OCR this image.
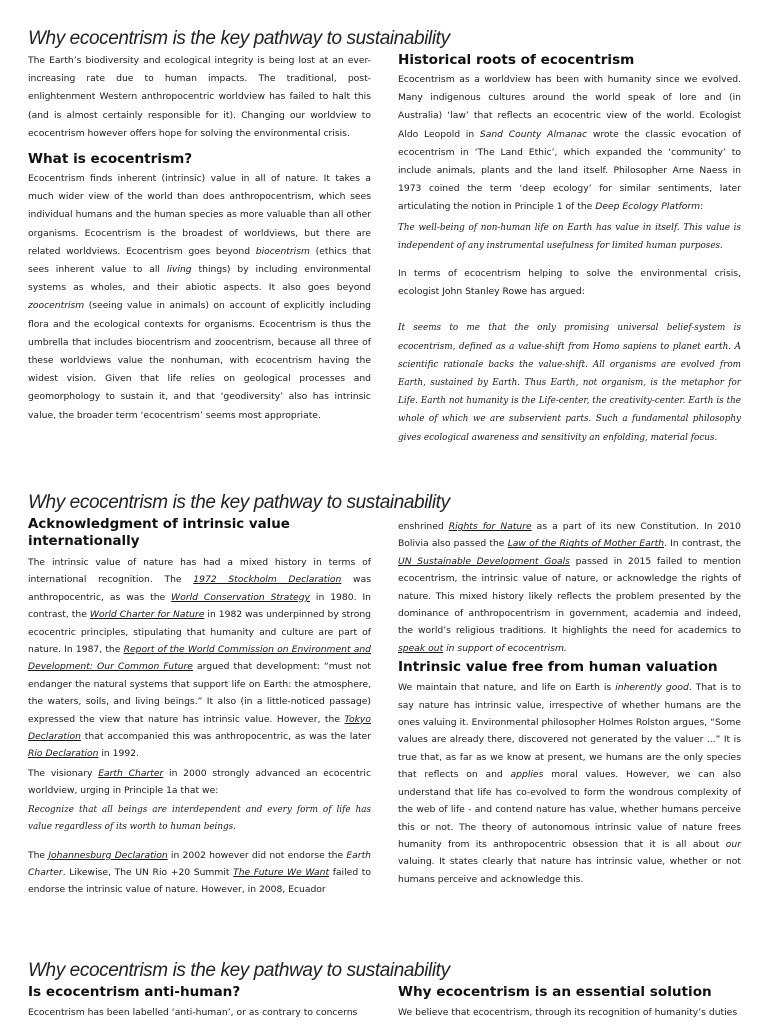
Why ecocentrism is the key pathway to sustainability

The Earth’s biodiversity and ecological integrity is being lost at an ever-increasing rate due to human impacts. The traditional, post-enlightenment Western anthropocentric worldview has failed to halt this (and is almost certainly responsible for it). Changing our worldview to ecocentrism however offers hope for solving the environmental crisis.

What is ecocentrism?

Ecocentrism finds inherent (intrinsic) value in all of nature. It takes a much wider view of the world than does anthropocentrism, which sees individual humans and the human species as more valuable than all other organisms. Ecocentrism is the broadest of worldviews, but there are related worldviews. Ecocentrism goes beyond biocentrism (ethics that sees inherent value to all living things) by including environmental systems as wholes, and their abiotic aspects. It also goes beyond zoocentrism (seeing value in animals) on account of explicitly including flora and the ecological contexts for organisms. Ecocentrism is thus the umbrella that includes biocentrism and zoocentrism, because all three of these worldviews value the nonhuman, with ecocentrism having the widest vision. Given that life relies on geological processes and geomorphology to sustain it, and that ‘geodiversity’ also has intrinsic value, the broader term ‘ecocentrism’ seems most appropriate.

Historical roots of ecocentrism

Ecocentrism as a worldview has been with humanity since we evolved. Many indigenous cultures around the world speak of lore and (in Australia) ‘law’ that reflects an ecocentric view of the world. Ecologist Aldo Leopold in Sand County Almanac wrote the classic evocation of ecocentrism in ‘The Land Ethic’, which expanded the ‘community’ to include animals, plants and the land itself. Philosopher Arne Naess in 1973 coined the term ‘deep ecology’ for similar sentiments, later articulating the notion in Principle 1 of the Deep Ecology Platform:

The well-being of non-human life on Earth has value in itself. This value is independent of any instrumental usefulness for limited human purposes.

In terms of ecocentrism helping to solve the environmental crisis, ecologist John Stanley Rowe has argued:

It seems to me that the only promising universal belief-system is ecocentrism, defined as a value-shift from Homo sapiens to planet earth. A scientific rationale backs the value-shift. All organisms are evolved from Earth, sustained by Earth. Thus Earth, not organism, is the metaphor for Life. Earth not humanity is the Life-center, the creativity-center. Earth is the whole of which we are subservient parts. Such a fundamental philosophy gives ecological awareness and sensitivity an enfolding, material focus.

Why ecocentrism is the key pathway to sustainability
Acknowledgment of intrinsic value internationally

The intrinsic value of nature has had a mixed history in terms of international recognition. The 1972 Stockholm Declaration was anthropocentric, as was the World Conservation Strategy in 1980. In contrast, the World Charter for Nature in 1982 was underpinned by strong ecocentric principles, stipulating that humanity and culture are part of nature. In 1987, the Report of the World Commission on Environment and Development: Our Common Future argued that development: “must not endanger the natural systems that support life on Earth: the atmosphere, the waters, soils, and living beings.” It also (in a little-noticed passage) expressed the view that nature has intrinsic value. However, the Tokyo Declaration that accompanied this was anthropocentric, as was the later Rio Declaration in 1992.

The visionary Earth Charter in 2000 strongly advanced an ecocentric worldview, urging in Principle 1a that we:

Recognize that all beings are interdependent and every form of life has value regardless of its worth to human beings.

The Johannesburg Declaration in 2002 however did not endorse the Earth Charter. Likewise, The UN Rio +20 Summit The Future We Want failed to endorse the intrinsic value of nature. However, in 2008, Ecuador

enshrined Rights for Nature as a part of its new Constitution. In 2010 Bolivia also passed the Law of the Rights of Mother Earth. In contrast, the UN Sustainable Development Goals passed in 2015 failed to mention ecocentrism, the intrinsic value of nature, or acknowledge the rights of nature. This mixed history likely reflects the problem presented by the dominance of anthropocentrism in government, academia and indeed, the world’s religious traditions. It highlights the need for academics to speak out in support of ecocentrism.

Intrinsic value free from human valuation

We maintain that nature, and life on Earth is inherently good. That is to say nature has intrinsic value, irrespective of whether humans are the ones valuing it. Environmental philosopher Holmes Rolston argues, “Some values are already there, discovered not generated by the valuer ...” It is true that, as far as we know at present, we humans are the only species that reflects on and applies moral values. However, we can also understand that life has co-evolved to form the wondrous complexity of the web of life - and contend nature has value, whether humans perceive this or not. The theory of autonomous intrinsic value of nature frees humanity from its anthropocentric obsession that it is all about our valuing. It states clearly that nature has intrinsic value, whether or not humans perceive and acknowledge this.

Why ecocentrism is the key pathway to sustainability
Is ecocentrism anti-human?

Ecocentrism has been labelled ‘anti-human’, or as contrary to concerns

Why ecocentrism is an essential solution

We believe that ecocentrism, through its recognition of humanity’s duties
